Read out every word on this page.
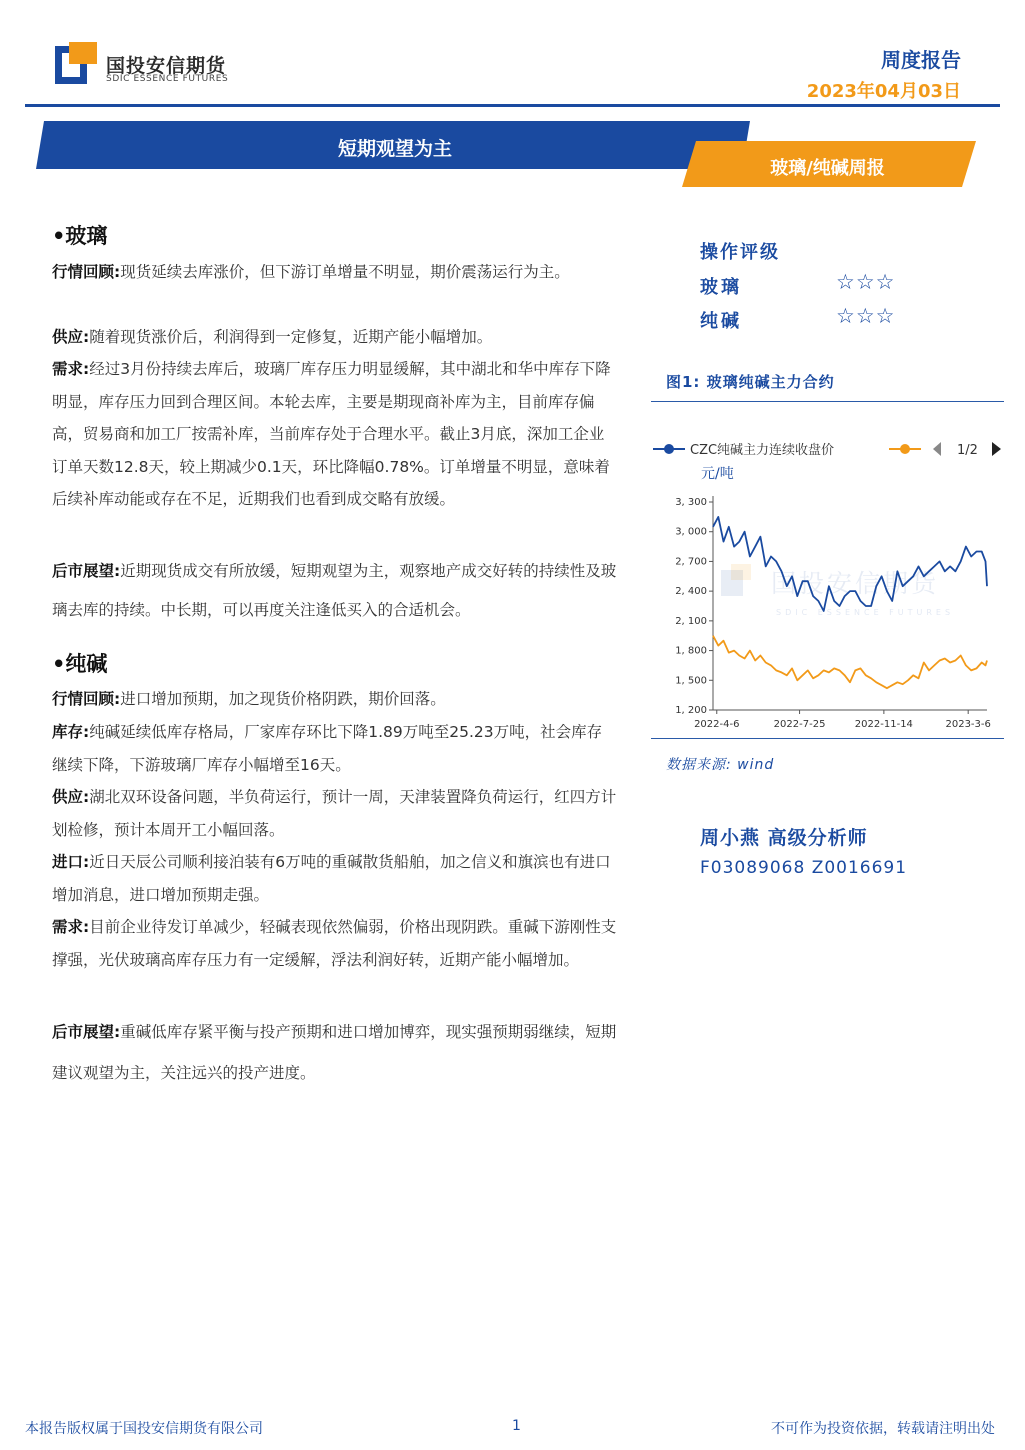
国投安信期货
SDIC ESSENCE FUTURES
周度报告
2023年04月03日
短期观望为主
玻璃/纯碱周报
•玻璃
行情回顾:现货延续去库涨价，但下游订单增量不明显，期价震荡运行为主。
供应:随着现货涨价后，利润得到一定修复，近期产能小幅增加。
需求:经过3月份持续去库后，玻璃厂库存压力明显缓解，其中湖北和华中库存下降明显，库存压力回到合理区间。本轮去库，主要是期现商补库为主，目前库存偏高，贸易商和加工厂按需补库，当前库存处于合理水平。截止3月底，深加工企业订单天数12.8天，较上期减少0.1天，环比降幅0.78%。订单增量不明显，意味着后续补库动能或存在不足，近期我们也看到成交略有放缓。
后市展望:近期现货成交有所放缓，短期观望为主，观察地产成交好转的持续性及玻璃去库的持续。中长期，可以再度关注逢低买入的合适机会。
•纯碱
行情回顾:进口增加预期，加之现货价格阴跌，期价回落。
库存:纯碱延续低库存格局，厂家库存环比下降1.89万吨至25.23万吨，社会库存继续下降，下游玻璃厂库存小幅增至16天。
供应:湖北双环设备问题，半负荷运行，预计一周，天津装置降负荷运行，红四方计划检修，预计本周开工小幅回落。
进口:近日天辰公司顺利接泊装有6万吨的重碱散货船舶，加之信义和旗滨也有进口增加消息，进口增加预期走强。
需求:目前企业待发订单减少，轻碱表现依然偏弱，价格出现阴跌。重碱下游刚性支撑强，光伏玻璃高库存压力有一定缓解，浮法利润好转，近期产能小幅增加。
后市展望:重碱低库存紧平衡与投产预期和进口增加博弈，现实强预期弱继续，短期建议观望为主，关注远兴的投产进度。
操作评级
玻璃	☆☆☆
纯碱	☆☆☆
图1: 玻璃纯碱主力合约
国投安信期货
SDIC ESSENCE FUTURES
CZC纯碱主力连续收盘价	1/2
元/吨
1, 200
1, 500
1, 800
2, 100
2, 400
2, 700
3, 000
3, 300
2022-4-6	2022-7-25	2022-11-14	2023-3-6
数据来源: wind
周小燕 高级分析师
F03089068 Z0016691
本报告版权属于国投安信期货有限公司	1	不可作为投资依据，转载请注明出处
